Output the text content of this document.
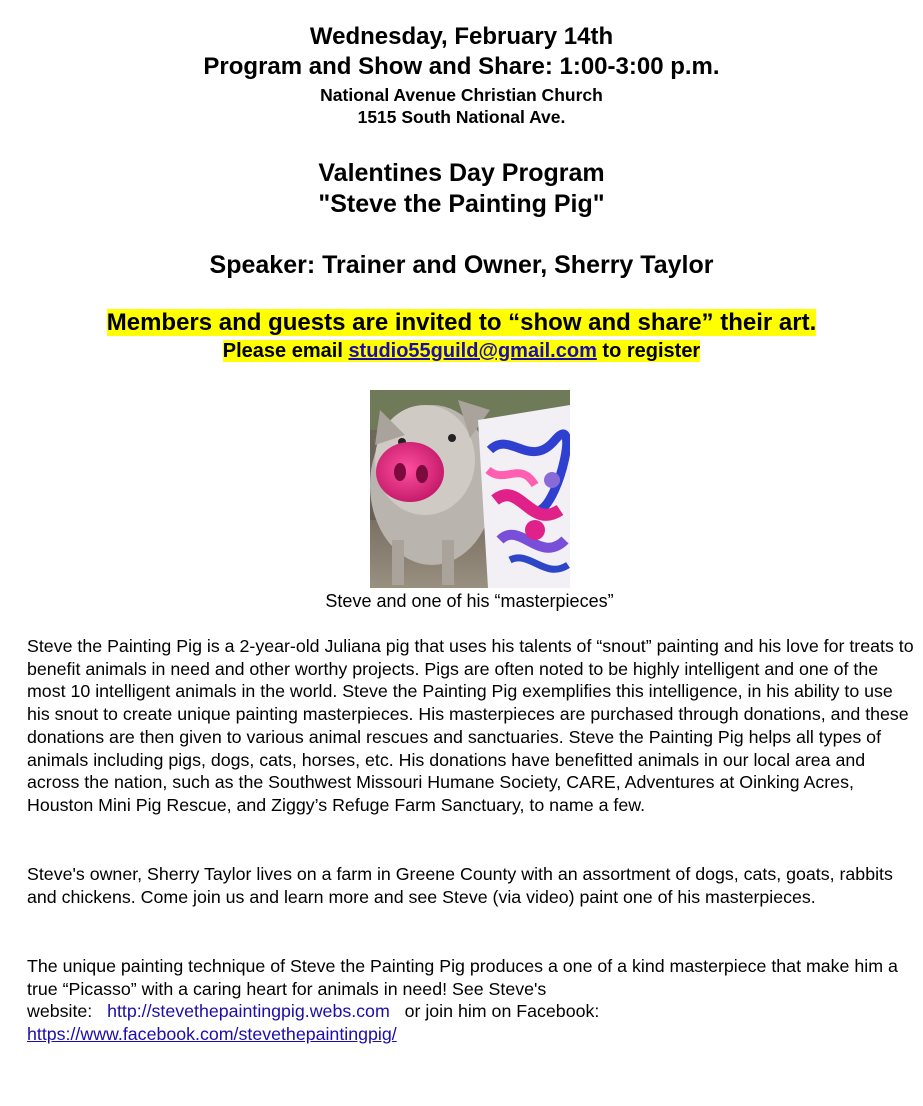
Wednesday, February 14th
Program and Show and Share: 1:00-3:00 p.m.
National Avenue Christian Church
1515 South National Ave.
Valentines Day Program
"Steve the Painting Pig"
Speaker: Trainer and Owner, Sherry Taylor
Members and guests are invited to “show and share” their art.
Please email studio55guild@gmail.com to register
Steve and one of his “masterpieces”

Steve the Painting Pig is a 2-year-old Juliana pig that uses his talents of “snout” painting and his love for treats to benefit animals in need and other worthy projects. Pigs are often noted to be highly intelligent and one of the most 10 intelligent animals in the world. Steve the Painting Pig exemplifies this intelligence, in his ability to use his snout to create unique painting masterpieces. His masterpieces are purchased through donations, and these donations are then given to various animal rescues and sanctuaries. Steve the Painting Pig helps all types of animals including pigs, dogs, cats, horses, etc. His donations have benefitted animals in our local area and across the nation, such as the Southwest Missouri Humane Society, CARE, Adventures at Oinking Acres, Houston Mini Pig Rescue, and Ziggy’s Refuge Farm Sanctuary, to name a few.

Steve's owner, Sherry Taylor lives on a farm in Greene County with an assortment of dogs, cats, goats, rabbits and chickens. Come join us and learn more and see Steve (via video) paint one of his masterpieces.

The unique painting technique of Steve the Painting Pig produces a one of a kind masterpiece that make him a true “Picasso” with a caring heart for animals in need! See Steve's
website: http://stevethepaintingpig.webs.com or join him on Facebook:
https://www.facebook.com/stevethepaintingpig/
